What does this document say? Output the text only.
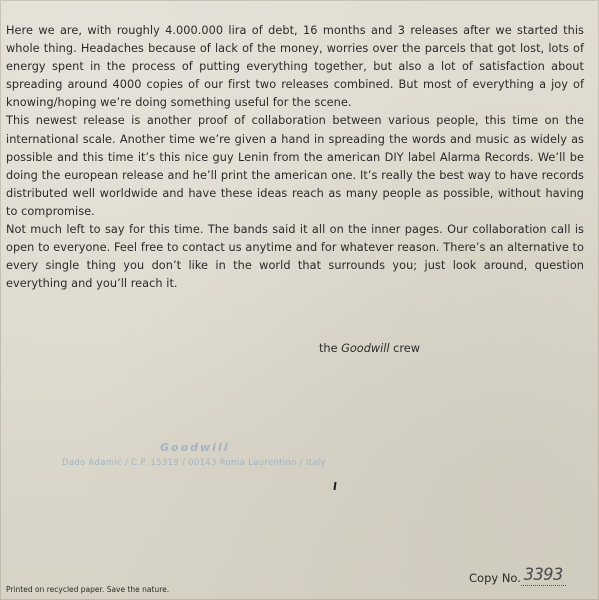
Here we are, with roughly 4.000.000 lira of debt, 16 months and 3 releases after we started this whole thing. Headaches because of lack of the money, worries over the parcels that got lost, lots of energy spent in the process of putting everything together, but also a lot of satisfaction about spreading around 4000 copies of our first two releases combined. But most of everything a joy of knowing/hoping we’re doing something useful for the scene.

This newest release is another proof of collaboration between various people, this time on the international scale. Another time we’re given a hand in spreading the words and music as widely as possible and this time it’s this nice guy Lenin from the american DIY label Alarma Records. We’ll be doing the european release and he’ll print the american one. It’s really the best way to have records distributed well worldwide and have these ideas reach as many people as possible, without having to compromise.

Not much left to say for this time. The bands said it all on the inner pages. Our collaboration call is open to everyone. Feel free to contact us anytime and for whatever reason. There’s an alternative to every single thing you don’t like in the world that surrounds you; just look around, question everything and you’ll reach it.

the Goodwill crew
Goodwill
Dado Adamic / C.P. 15319 / 00143 Roma Laurentino / Italy
Printed on recycled paper. Save the nature.
Copy No. 3393
